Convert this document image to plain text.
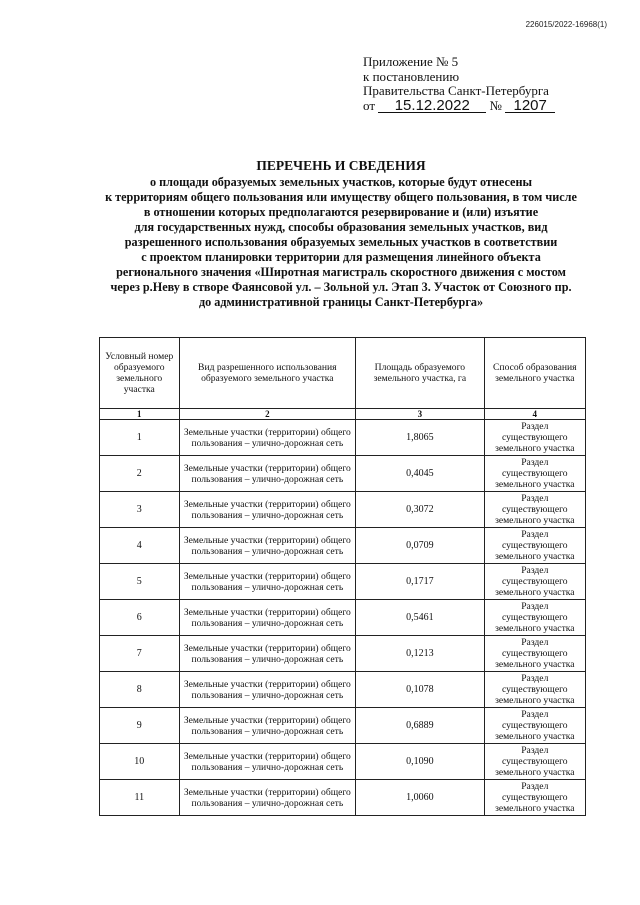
226015/2022-16968(1)
Приложение № 5
к постановлению
Правительства Санкт-Петербурга
от 15.12.2022 № 1207
ПЕРЕЧЕНЬ И СВЕДЕНИЯ
о площади образуемых земельных участков, которые будут отнесены
к территориям общего пользования или имуществу общего пользования, в том числе
в отношении которых предполагаются резервирование и (или) изъятие
для государственных нужд, способы образования земельных участков, вид
разрешенного использования образуемых земельных участков в соответствии
с проектом планировки территории для размещения линейного объекта
регионального значения «Широтная магистраль скоростного движения с мостом
через р.Неву в створе Фаянсовой ул. – Зольной ул. Этап 3. Участок от Союзного пр.
до административной границы Санкт-Петербурга»
Условный номер образуемого земельного участка	Вид разрешенного использования образуемого земельного участка	Площадь образуемого земельного участка, га	Способ образования земельного участка
1	2	3	4
1	Земельные участки (территории) общего пользования – улично-дорожная сеть	1,8065	Раздел существующего земельного участка
2	Земельные участки (территории) общего пользования – улично-дорожная сеть	0,4045	Раздел существующего земельного участка
3	Земельные участки (территории) общего пользования – улично-дорожная сеть	0,3072	Раздел существующего земельного участка
4	Земельные участки (территории) общего пользования – улично-дорожная сеть	0,0709	Раздел существующего земельного участка
5	Земельные участки (территории) общего пользования – улично-дорожная сеть	0,1717	Раздел существующего земельного участка
6	Земельные участки (территории) общего пользования – улично-дорожная сеть	0,5461	Раздел существующего земельного участка
7	Земельные участки (территории) общего пользования – улично-дорожная сеть	0,1213	Раздел существующего земельного участка
8	Земельные участки (территории) общего пользования – улично-дорожная сеть	0,1078	Раздел существующего земельного участка
9	Земельные участки (территории) общего пользования – улично-дорожная сеть	0,6889	Раздел существующего земельного участка
10	Земельные участки (территории) общего пользования – улично-дорожная сеть	0,1090	Раздел существующего земельного участка
11	Земельные участки (территории) общего пользования – улично-дорожная сеть	1,0060	Раздел существующего земельного участка
